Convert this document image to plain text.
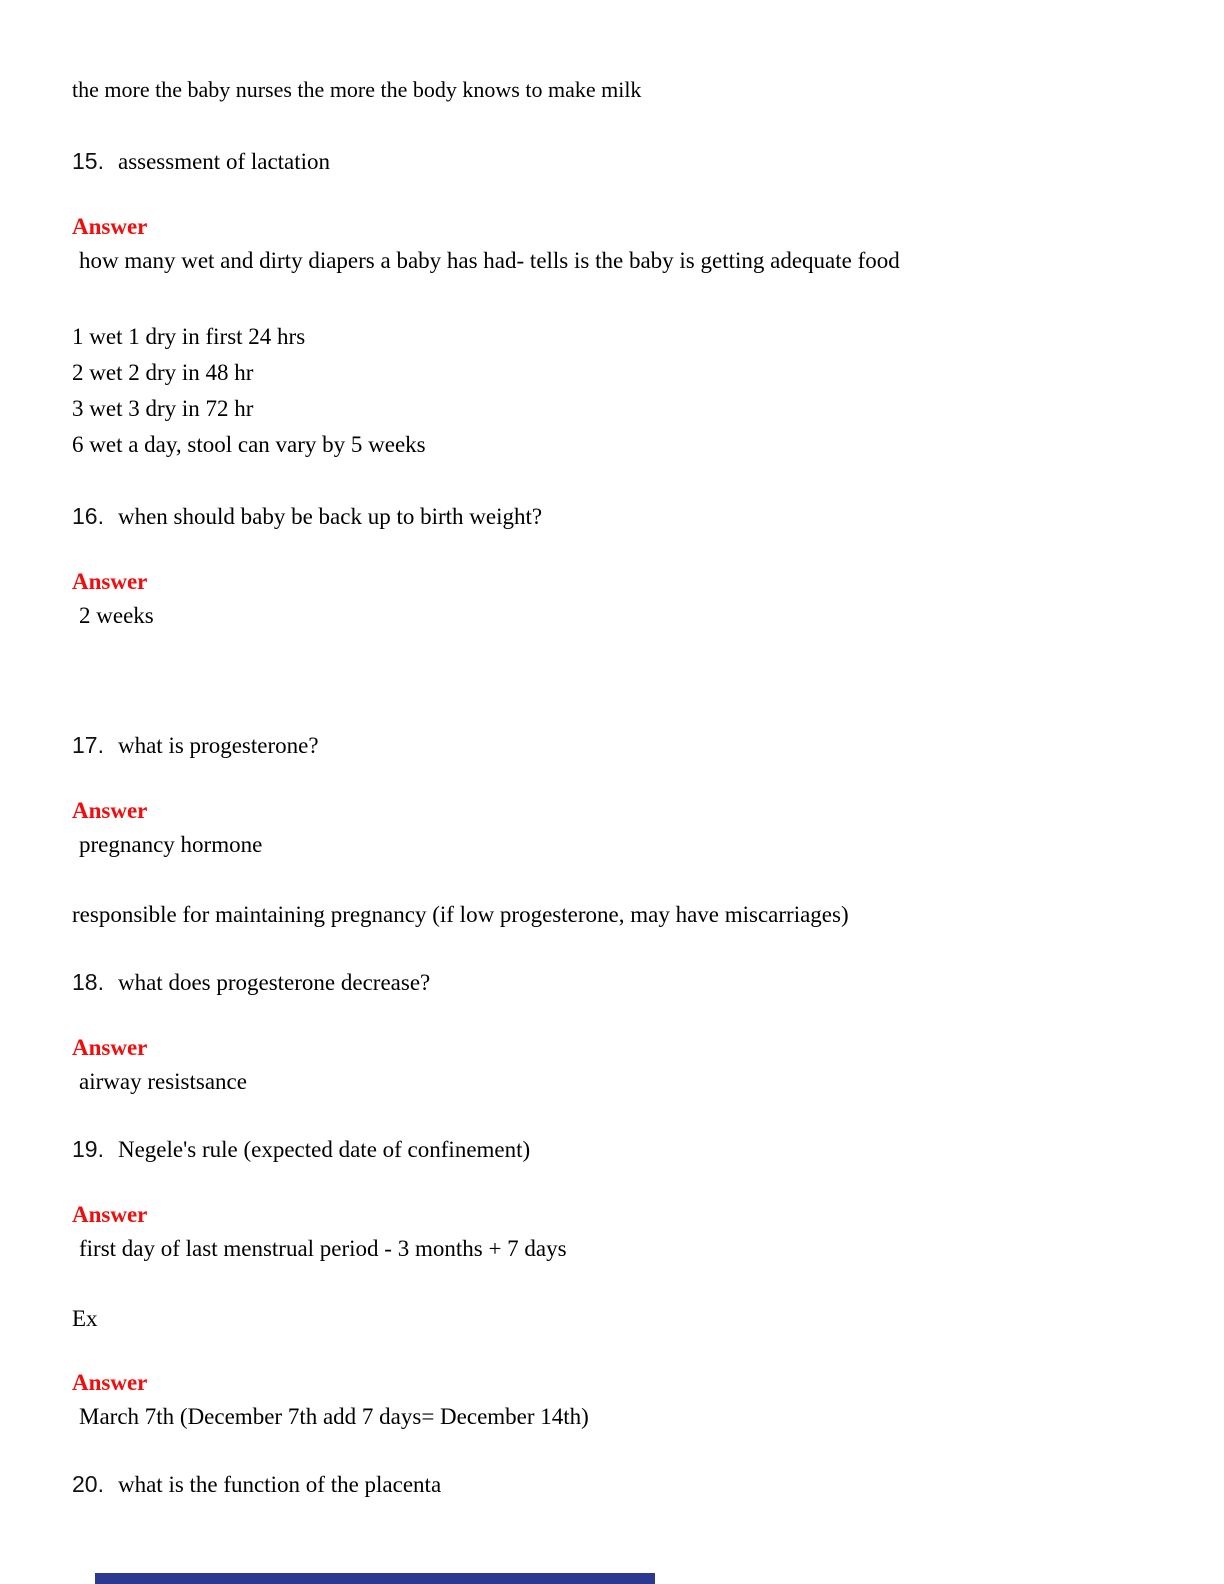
the more the baby nurses the more the body knows to make milk

15. assessment of lactation

Answer

how many wet and dirty diapers a baby has had- tells is the baby is getting adequate food

1 wet 1 dry in first 24 hrs

2 wet 2 dry in 48 hr

3 wet 3 dry in 72 hr

6 wet a day, stool can vary by 5 weeks

16. when should baby be back up to birth weight?

Answer

2 weeks

17. what is progesterone?

Answer

pregnancy hormone

responsible for maintaining pregnancy (if low progesterone, may have miscarriages)

18. what does progesterone decrease?

Answer

airway resistsance

19. Negele's rule (expected date of confinement)

Answer

first day of last menstrual period - 3 months + 7 days

Ex

Answer

March 7th (December 7th add 7 days= December 14th)

20. what is the function of the placenta
